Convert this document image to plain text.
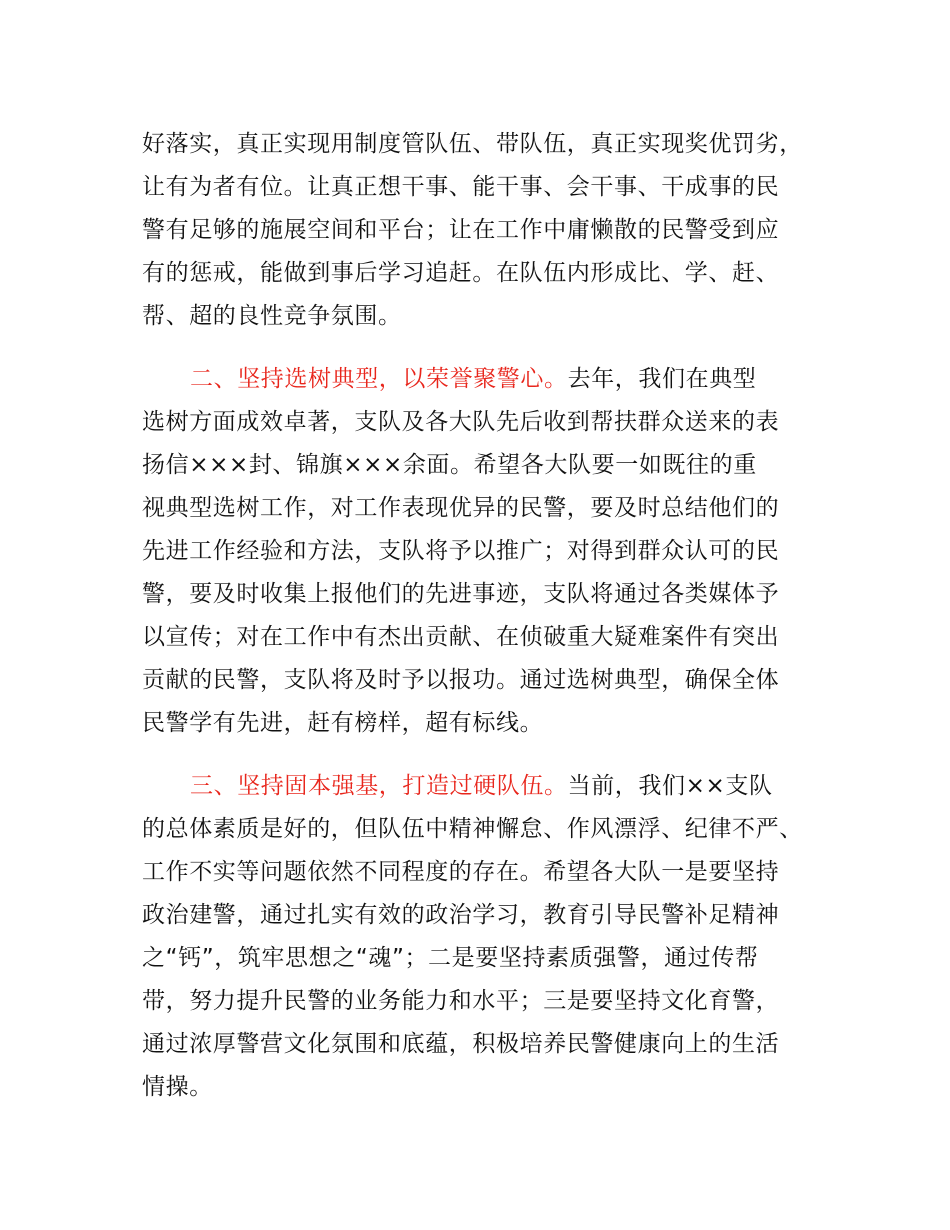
好落实，真正实现用制度管队伍、带队伍，真正实现奖优罚劣，
让有为者有位。让真正想干事、能干事、会干事、干成事的民
警有足够的施展空间和平台；让在工作中庸懒散的民警受到应
有的惩戒，能做到事后学习追赶。在队伍内形成比、学、赶、
帮、超的良性竞争氛围。
二、坚持选树典型，以荣誉聚警心。去年，我们在典型
选树方面成效卓著，支队及各大队先后收到帮扶群众送来的表
扬信×××封、锦旗×××余面。希望各大队要一如既往的重
视典型选树工作，对工作表现优异的民警，要及时总结他们的
先进工作经验和方法，支队将予以推广；对得到群众认可的民
警，要及时收集上报他们的先进事迹，支队将通过各类媒体予
以宣传；对在工作中有杰出贡献、在侦破重大疑难案件有突出
贡献的民警，支队将及时予以报功。通过选树典型，确保全体
民警学有先进，赶有榜样，超有标线。
三、坚持固本强基，打造过硬队伍。当前，我们××支队
的总体素质是好的，但队伍中精神懈怠、作风漂浮、纪律不严、
工作不实等问题依然不同程度的存在。希望各大队一是要坚持
政治建警，通过扎实有效的政治学习，教育引导民警补足精神
之“钙”，筑牢思想之“魂”；二是要坚持素质强警，通过传帮
带，努力提升民警的业务能力和水平；三是要坚持文化育警，
通过浓厚警营文化氛围和底蕴，积极培养民警健康向上的生活
情操。
